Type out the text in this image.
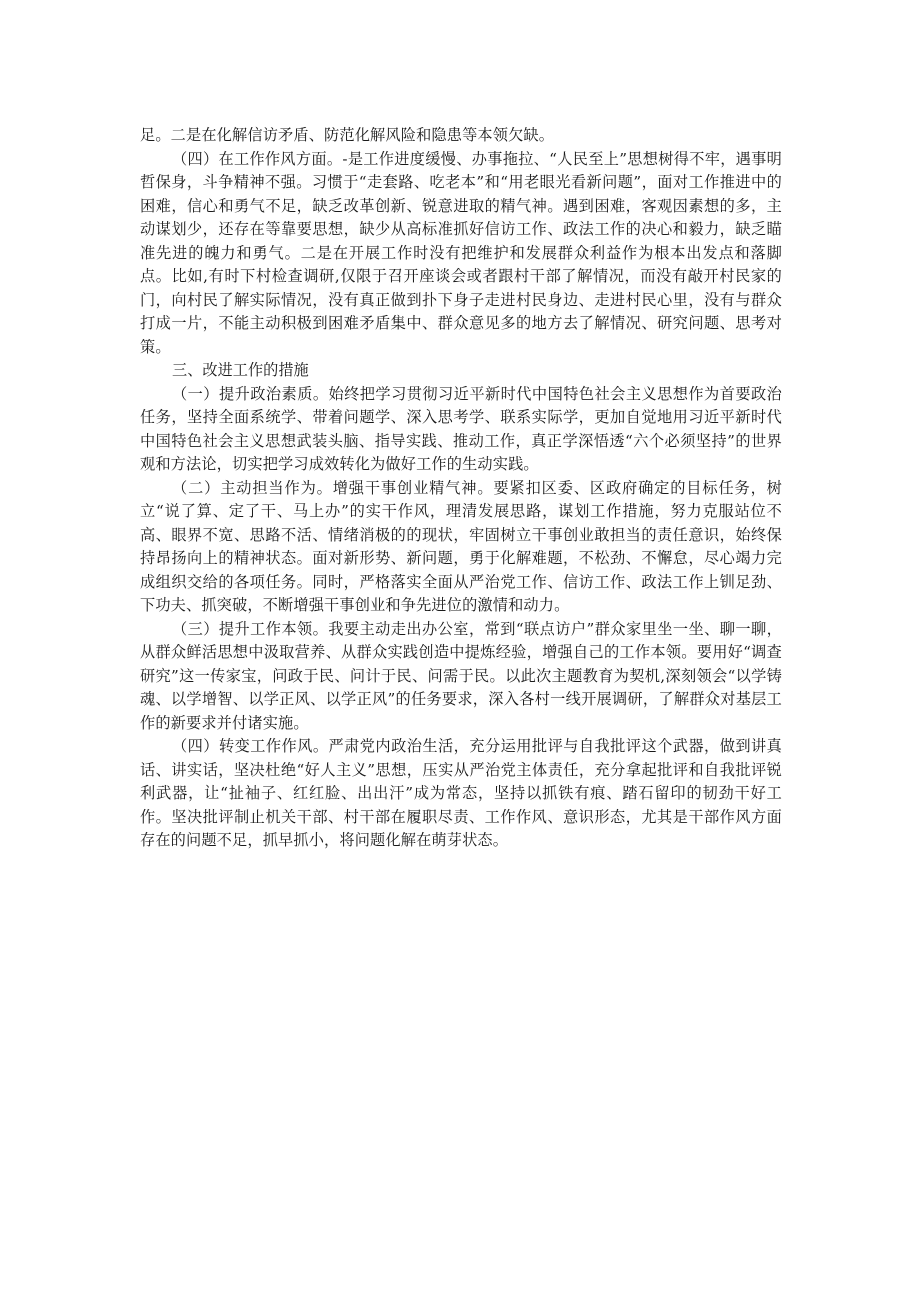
足。二是在化解信访矛盾、防范化解风险和隐患等本领欠缺。

（四）在工作作风方面。-是工作进度缓慢、办事拖拉、“人民至上”思想树得不牢，遇事明哲保身，斗争精神不强。习惯于“走套路、吃老本”和“用老眼光看新问题”，面对工作推进中的困难，信心和勇气不足，缺乏改革创新、锐意进取的精气神。遇到困难，客观因素想的多，主动谋划少，还存在等靠要思想，缺少从高标准抓好信访工作、政法工作的决心和毅力，缺乏瞄准先进的魄力和勇气。二是在开展工作时没有把维护和发展群众利益作为根本出发点和落脚点。比如,有时下村检查调研,仅限于召开座谈会或者跟村干部了解情况，而没有敲开村民家的门，向村民了解实际情况，没有真正做到扑下身子走进村民身边、走进村民心里，没有与群众打成一片，不能主动积极到困难矛盾集中、群众意见多的地方去了解情况、研究问题、思考对策。

三、改进工作的措施

（一）提升政治素质。始终把学习贯彻习近平新时代中国特色社会主义思想作为首要政治任务，坚持全面系统学、带着问题学、深入思考学、联系实际学，更加自觉地用习近平新时代中国特色社会主义思想武装头脑、指导实践、推动工作，真正学深悟透“六个必须坚持”的世界观和方法论，切实把学习成效转化为做好工作的生动实践。

（二）主动担当作为。增强干事创业精气神。要紧扣区委、区政府确定的目标任务，树立“说了算、定了干、马上办”的实干作风，理清发展思路，谋划工作措施，努力克服站位不高、眼界不宽、思路不活、情绪消极的的现状，牢固树立干事创业敢担当的责任意识，始终保持昂扬向上的精神状态。面对新形势、新问题，勇于化解难题，不松劲、不懈怠，尽心竭力完成组织交给的各项任务。同时，严格落实全面从严治党工作、信访工作、政法工作上钏足劲、下功夫、抓突破，不断增强干事创业和争先进位的激情和动力。

（三）提升工作本领。我要主动走出办公室，常到“联点访户”群众家里坐一坐、聊一聊，从群众鲜活思想中汲取营养、从群众实践创造中提炼经验，增强自己的工作本领。要用好“调查研究”这一传家宝，问政于民、问计于民、问需于民。以此次主题教育为契机,深刻领会“以学铸魂、以学增智、以学正风、以学正风”的任务要求，深入各村一线开展调研，了解群众对基层工作的新要求并付诸实施。

（四）转变工作作风。严肃党内政治生活，充分运用批评与自我批评这个武器，做到讲真话、讲实话，坚决杜绝“好人主义”思想，压实从严治党主体责任，充分拿起批评和自我批评锐利武器，让“扯袖子、红红脸、出出汗”成为常态，坚持以抓铁有痕、踏石留印的韧劲干好工作。坚决批评制止机关干部、村干部在履职尽责、工作作风、意识形态，尤其是干部作风方面存在的问题不足，抓早抓小，将问题化解在萌芽状态。
